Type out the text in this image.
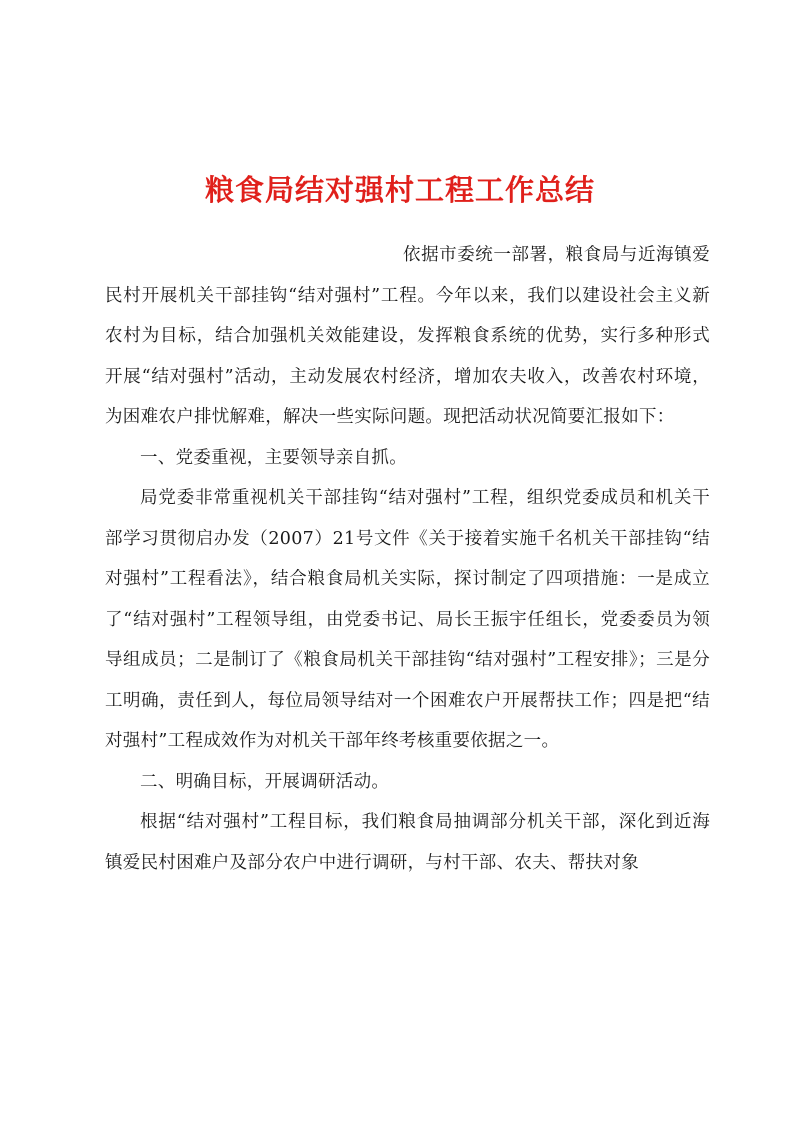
粮食局结对强村工程工作总结

依据市委统一部署，粮食局与近海镇爱民村开展机关干部挂钩“结对强村”工程。今年以来，我们以建设社会主义新农村为目标，结合加强机关效能建设，发挥粮食系统的优势，实行多种形式开展“结对强村”活动，主动发展农村经济，增加农夫收入，改善农村环境，为困难农户排忧解难，解决一些实际问题。现把活动状况简要汇报如下：

一、党委重视，主要领导亲自抓。

局党委非常重视机关干部挂钩“结对强村”工程，组织党委成员和机关干部学习贯彻启办发（2007）21号文件《关于接着实施千名机关干部挂钩“结对强村”工程看法》，结合粮食局机关实际，探讨制定了四项措施：一是成立了“结对强村”工程领导组，由党委书记、局长王振宇任组长，党委委员为领导组成员；二是制订了《粮食局机关干部挂钩“结对强村”工程安排》；三是分工明确，责任到人，每位局领导结对一个困难农户开展帮扶工作；四是把“结对强村”工程成效作为对机关干部年终考核重要依据之一。

二、明确目标，开展调研活动。

根据“结对强村”工程目标，我们粮食局抽调部分机关干部，深化到近海镇爱民村困难户及部分农户中进行调研，与村干部、农夫、帮扶对象
